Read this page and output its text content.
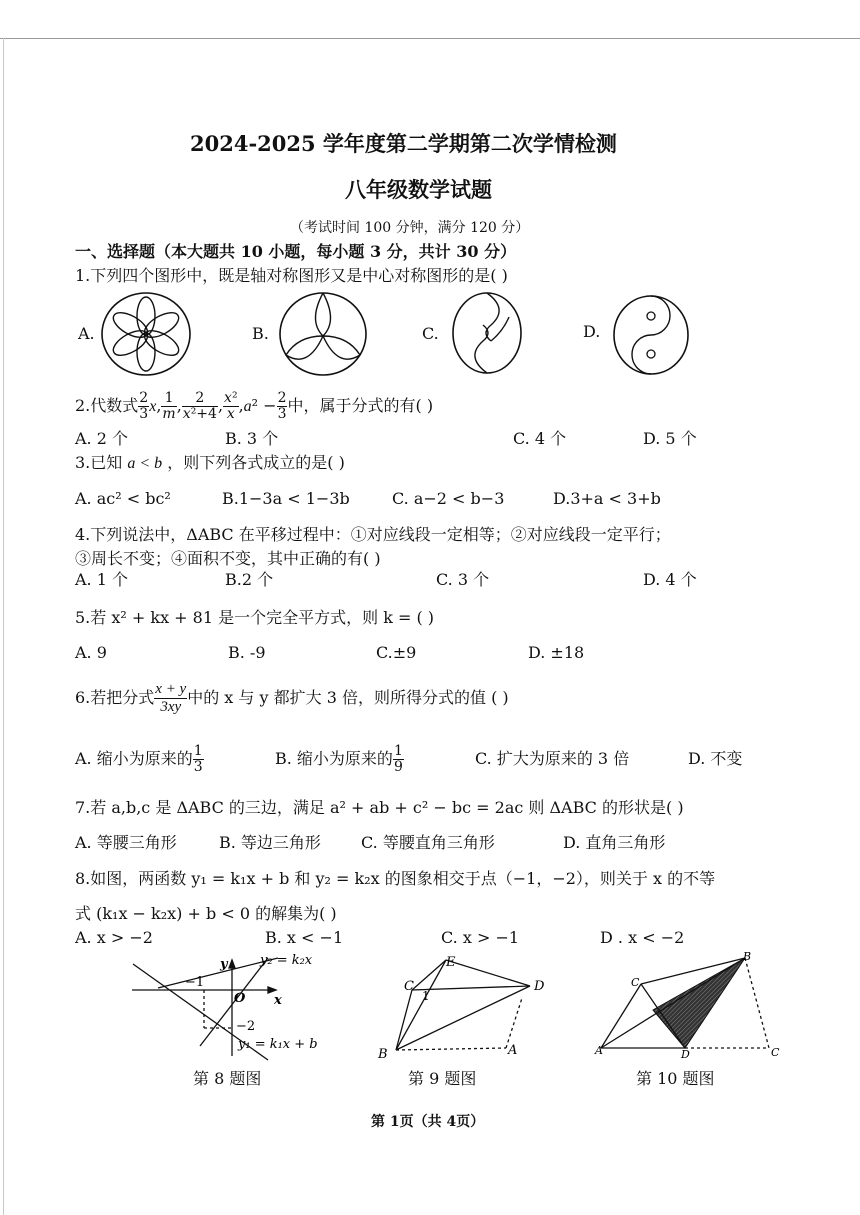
2024-2025 学年度第二学期第二次学情检测
八年级数学试题
（考试时间 100 分钟，满分 120 分）
一、选择题（本大题共 10 小题，每小题 3 分，共计 30 分）
1.下列四个图形中，既是轴对称图形又是中心对称图形的是( )
A.	B.	C.	D.
2.代数式 $\frac{2}{3} x$, $\frac{1}{m}$ , $\frac{2}{\text{x²+4}}$ , $\frac{\text{x²}}{x} ,a^2 - \frac{2}{3}$ 中，属于分式的有( )
A. 2 个	B. 3 个	C. 4 个	D. 5 个
3.已知 a < b ，则下列各式成立的是( )
A. ac² < bc²	B.1−3a < 1−3b	C. a−2 < b−3	D.3+a < 3+b
4.下列说法中，ΔABC 在平移过程中：①对应线段一定相等；②对应线段一定平行；
③周长不变；④面积不变，其中正确的有( )
A. 1 个	B.2 个	C. 3 个	D. 4 个
5.若 x² + kx + 81 是一个完全平方式，则 k = ( )
A. 9	B. -9	C.±9	D. ±18
6.若把分式 $\frac{x + y}{3xy}$ 中的 x 与 y 都扩大 3 倍，则所得分式的值 ( )
A. 缩小为原来的 $\frac{1}{3}$	B. 缩小为原来的 $\frac{1}{9}$	C. 扩大为原来的 3 倍	D. 不变
7.若 a,b,c 是 ΔABC 的三边，满足 a² + ab + c² − bc = 2ac 则 ΔABC 的形状是( )
A. 等腰三角形	B. 等边三角形	C. 等腰直角三角形	D. 直角三角形
8.如图，两函数 y₁ = k₁x + b 和 y₂ = k₂x 的图象相交于点（−1，−2），则关于 x 的不等
式 (k₁x − k₂x) + b < 0 的解集为( )
A. x > −2	B. x < −1	C. x > −1	D . x < −2
y₂ = k₂x
y₁ = k₁x + b
−1
−2
O x
y
第 8 题图
E
C
1
D
B	A
第 9 题图
B
C
A	D	C
第 10 题图
第 1页（共 4页）
